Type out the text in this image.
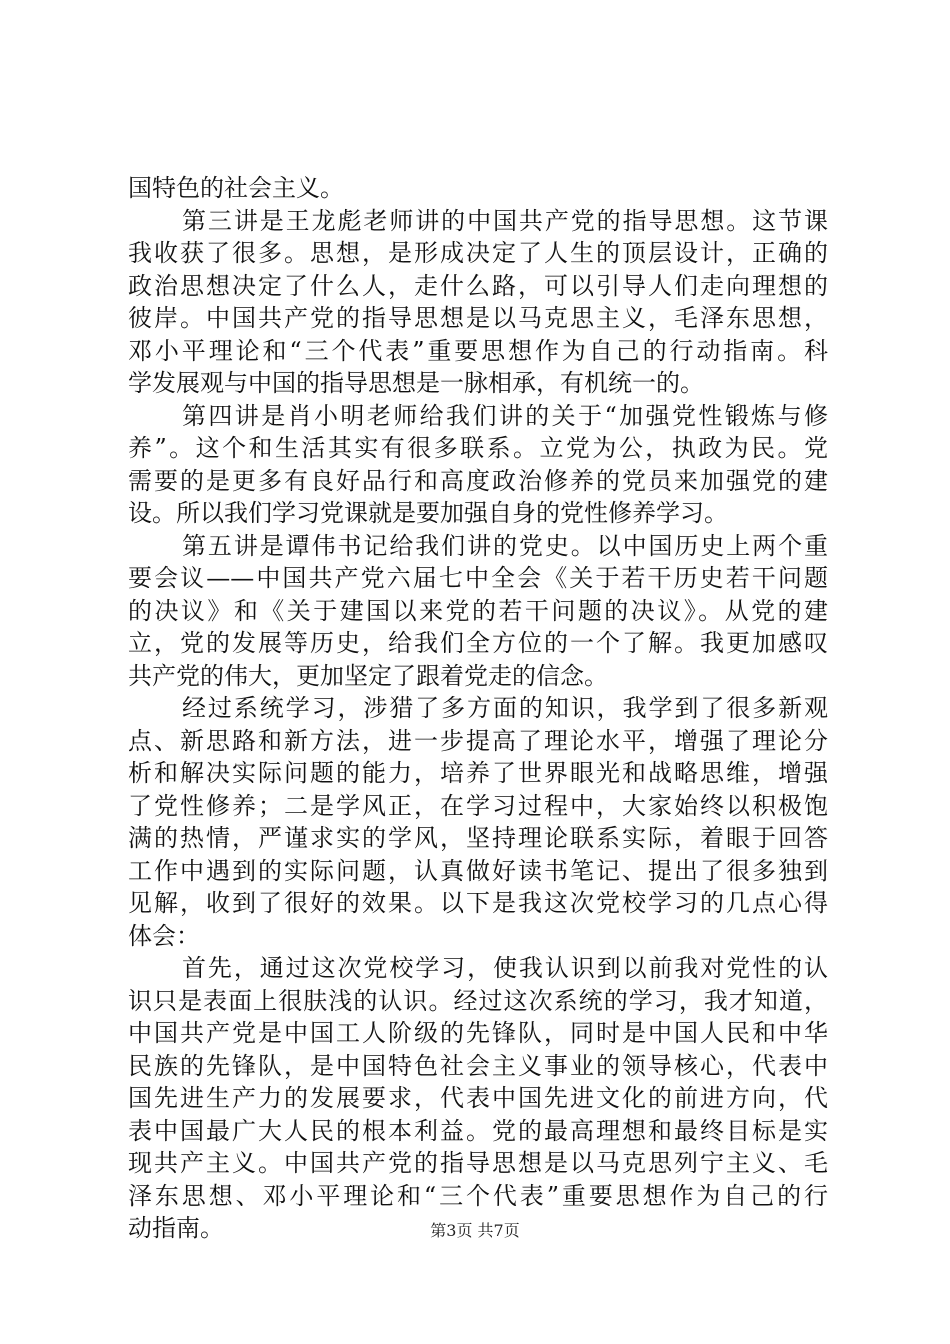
国特色的社会主义。
第三讲是王龙彪老师讲的中国共产党的指导思想。这节课
我收获了很多。思想，是形成决定了人生的顶层设计，正确的
政治思想决定了什么人，走什么路，可以引导人们走向理想的
彼岸。中国共产党的指导思想是以马克思主义，毛泽东思想，
邓小平理论和“三个代表”重要思想作为自己的行动指南。科
学发展观与中国的指导思想是一脉相承，有机统一的。
第四讲是肖小明老师给我们讲的关于“加强党性锻炼与修
养”。这个和生活其实有很多联系。立党为公，执政为民。党
需要的是更多有良好品行和高度政治修养的党员来加强党的建
设。所以我们学习党课就是要加强自身的党性修养学习。
第五讲是谭伟书记给我们讲的党史。以中国历史上两个重
要会议——中国共产党六届七中全会《关于若干历史若干问题
的决议》和《关于建国以来党的若干问题的决议》。从党的建
立，党的发展等历史，给我们全方位的一个了解。我更加感叹
共产党的伟大，更加坚定了跟着党走的信念。
经过系统学习，涉猎了多方面的知识，我学到了很多新观
点、新思路和新方法，进一步提高了理论水平，增强了理论分
析和解决实际问题的能力，培养了世界眼光和战略思维，增强
了党性修养；二是学风正，在学习过程中，大家始终以积极饱
满的热情，严谨求实的学风，坚持理论联系实际，着眼于回答
工作中遇到的实际问题，认真做好读书笔记、提出了很多独到
见解，收到了很好的效果。以下是我这次党校学习的几点心得
体会：
首先，通过这次党校学习，使我认识到以前我对党性的认
识只是表面上很肤浅的认识。经过这次系统的学习，我才知道，
中国共产党是中国工人阶级的先锋队，同时是中国人民和中华
民族的先锋队，是中国特色社会主义事业的领导核心，代表中
国先进生产力的发展要求，代表中国先进文化的前进方向，代
表中国最广大人民的根本利益。党的最高理想和最终目标是实
现共产主义。中国共产党的指导思想是以马克思列宁主义、毛
泽东思想、邓小平理论和“三个代表”重要思想作为自己的行
动指南。	第3页 共7页
